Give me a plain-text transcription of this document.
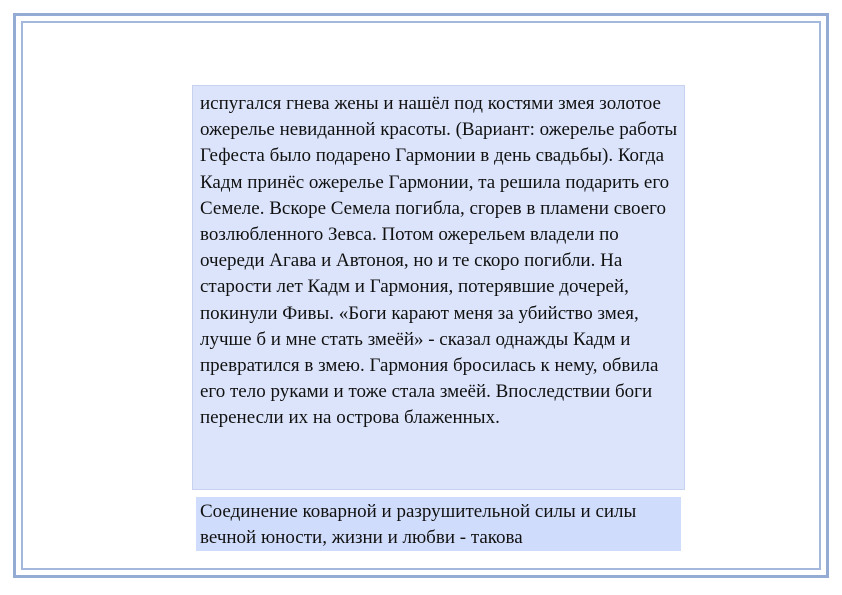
испугался гнева жены и нашёл под костями змея золотое ожерелье невиданной красоты. (Вариант: ожерелье работы Гефеста было подарено Гармонии в день свадьбы). Когда Кадм принёс ожерелье Гармонии, та решила подарить его Семеле. Вскоре Семела погибла, сгорев в пламени своего возлюбленного Зевса. Потом ожерельем владели по очереди Агава и Автоноя, но и те скоро погибли. На старости лет Кадм и Гармония, потерявшие дочерей, покинули Фивы. «Боги карают меня за убийство змея, лучше б и мне стать змеёй» - сказал однажды Кадм и превратился в змею. Гармония бросилась к нему, обвила его тело руками и тоже стала змеёй. Впоследствии боги перенесли их на острова блаженных.
Соединение коварной и разрушительной силы и силы вечной юности, жизни и любви - такова
